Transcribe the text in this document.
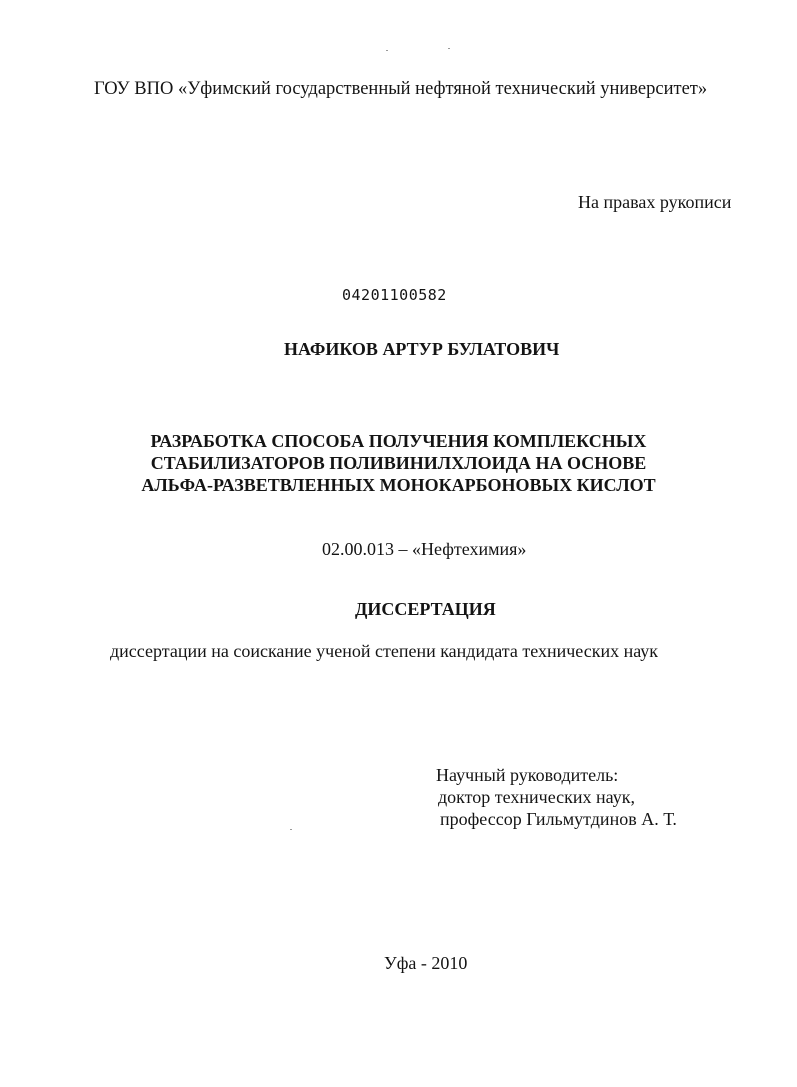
ГОУ ВПО «Уфимский государственный нефтяной технический университет»
На правах рукописи
04201100582
НАФИКОВ АРТУР БУЛАТОВИЧ
РАЗРАБОТКА СПОСОБА ПОЛУЧЕНИЯ КОМПЛЕКСНЫХ
СТАБИЛИЗАТОРОВ ПОЛИВИНИЛХЛОИДА НА ОСНОВЕ
АЛЬФА-РАЗВЕТВЛЕННЫХ МОНОКАРБОНОВЫХ КИСЛОТ
02.00.013 – «Нефтехимия»
ДИССЕРТАЦИЯ
диссертации на соискание ученой степени кандидата технических наук
Научный руководитель:
доктор технических наук,
профессор Гильмутдинов А. Т.
Уфа - 2010
